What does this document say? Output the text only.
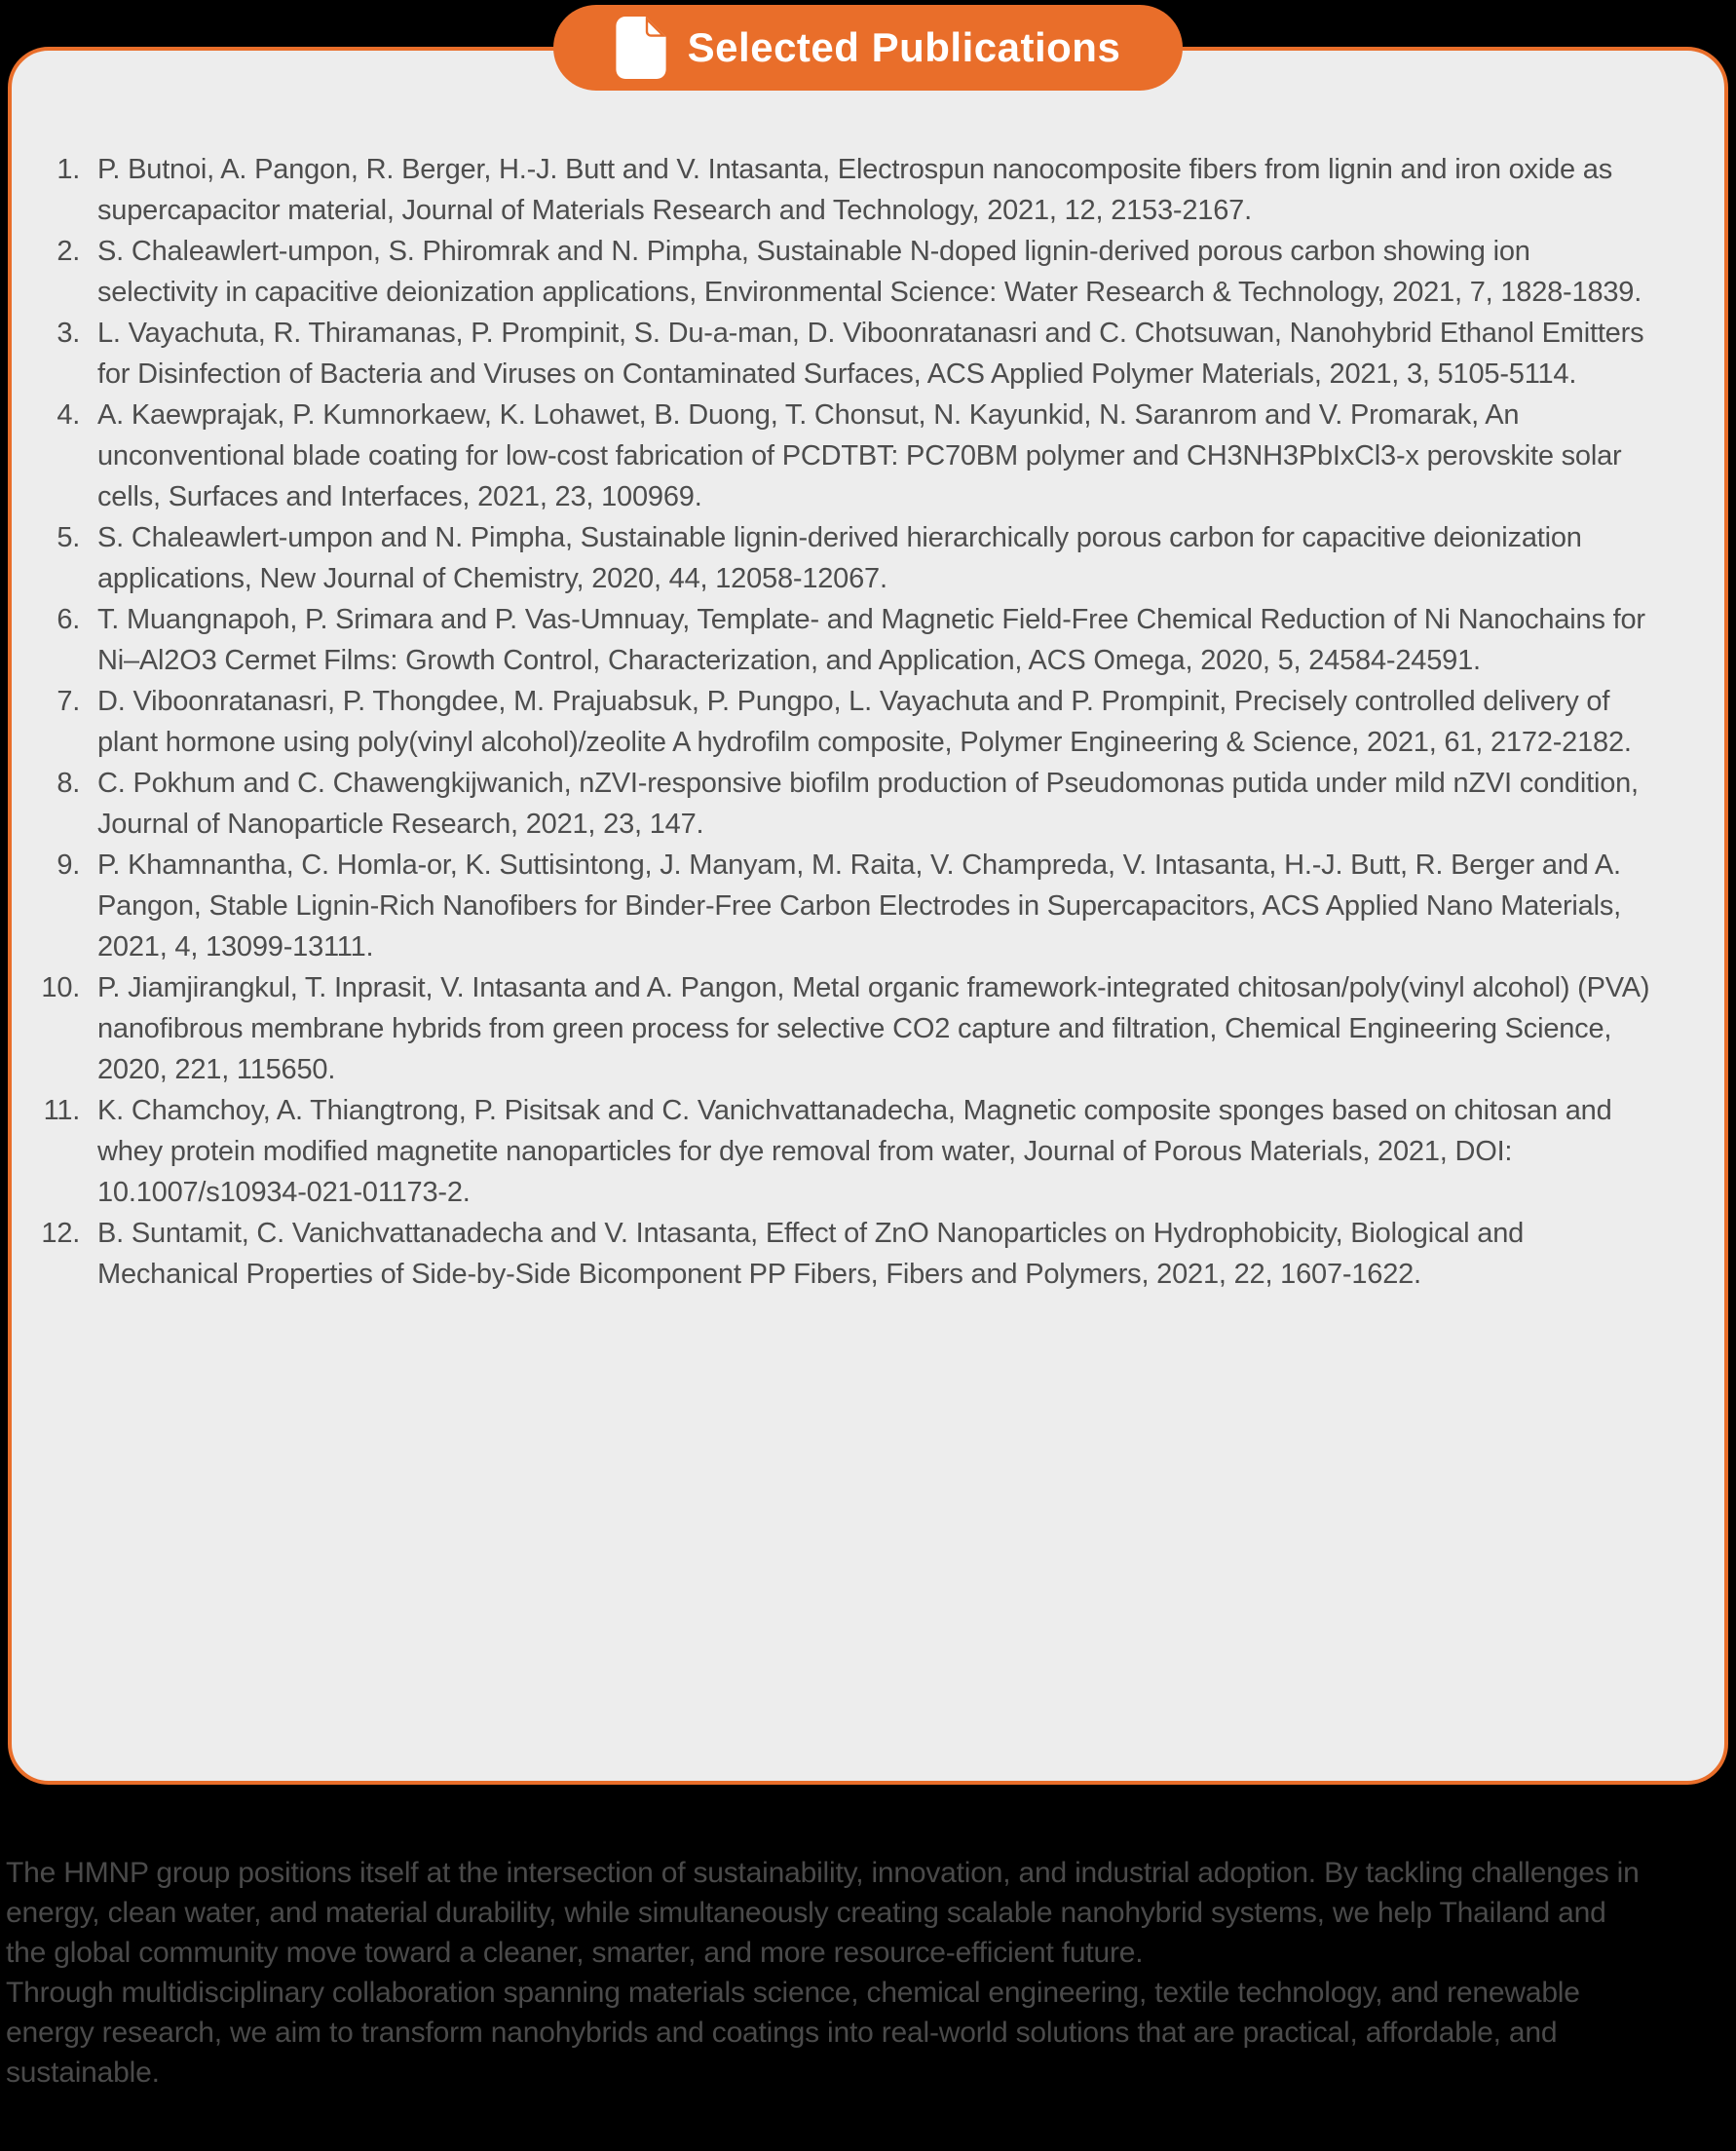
Selected Publications
1. P. Butnoi, A. Pangon, R. Berger, H.-J. Butt and V. Intasanta, Electrospun nanocomposite fibers from lignin and iron oxide as supercapacitor material, Journal of Materials Research and Technology, 2021, 12, 2153-2167.
2. S. Chaleawlert-umpon, S. Phiromrak and N. Pimpha, Sustainable N-doped lignin-derived porous carbon showing ion selectivity in capacitive deionization applications, Environmental Science: Water Research & Technology, 2021, 7, 1828-1839.
3. L. Vayachuta, R. Thiramanas, P. Prompinit, S. Du-a-man, D. Viboonratanasri and C. Chotsuwan, Nanohybrid Ethanol Emitters for Disinfection of Bacteria and Viruses on Contaminated Surfaces, ACS Applied Polymer Materials, 2021, 3, 5105-5114.
4. A. Kaewprajak, P. Kumnorkaew, K. Lohawet, B. Duong, T. Chonsut, N. Kayunkid, N. Saranrom and V. Promarak, An unconventional blade coating for low-cost fabrication of PCDTBT: PC70BM polymer and CH3NH3PbIxCl3-x perovskite solar cells, Surfaces and Interfaces, 2021, 23, 100969.
5. S. Chaleawlert-umpon and N. Pimpha, Sustainable lignin-derived hierarchically porous carbon for capacitive deionization applications, New Journal of Chemistry, 2020, 44, 12058-12067.
6. T. Muangnapoh, P. Srimara and P. Vas-Umnuay, Template- and Magnetic Field-Free Chemical Reduction of Ni Nanochains for Ni–Al2O3 Cermet Films: Growth Control, Characterization, and Application, ACS Omega, 2020, 5, 24584-24591.
7. D. Viboonratanasri, P. Thongdee, M. Prajuabsuk, P. Pungpo, L. Vayachuta and P. Prompinit, Precisely controlled delivery of plant hormone using poly(vinyl alcohol)/zeolite A hydrofilm composite, Polymer Engineering & Science, 2021, 61, 2172-2182.
8. C. Pokhum and C. Chawengkijwanich, nZVI-responsive biofilm production of Pseudomonas putida under mild nZVI condition, Journal of Nanoparticle Research, 2021, 23, 147.
9. P. Khamnantha, C. Homla-or, K. Suttisintong, J. Manyam, M. Raita, V. Champreda, V. Intasanta, H.-J. Butt, R. Berger and A. Pangon, Stable Lignin-Rich Nanofibers for Binder-Free Carbon Electrodes in Supercapacitors, ACS Applied Nano Materials, 2021, 4, 13099-13111.
10. P. Jiamjirangkul, T. Inprasit, V. Intasanta and A. Pangon, Metal organic framework-integrated chitosan/poly(vinyl alcohol) (PVA) nanofibrous membrane hybrids from green process for selective CO2 capture and filtration, Chemical Engineering Science, 2020, 221, 115650.
11. K. Chamchoy, A. Thiangtrong, P. Pisitsak and C. Vanichvattanadecha, Magnetic composite sponges based on chitosan and whey protein modified magnetite nanoparticles for dye removal from water, Journal of Porous Materials, 2021, DOI: 10.1007/s10934-021-01173-2.
12. B. Suntamit, C. Vanichvattanadecha and V. Intasanta, Effect of ZnO Nanoparticles on Hydrophobicity, Biological and Mechanical Properties of Side-by-Side Bicomponent PP Fibers, Fibers and Polymers, 2021, 22, 1607-1622.

The HMNP group positions itself at the intersection of sustainability, innovation, and industrial adoption. By tackling challenges in energy, clean water, and material durability, while simultaneously creating scalable nanohybrid systems, we help Thailand and the global community move toward a cleaner, smarter, and more resource-efficient future.

Through multidisciplinary collaboration spanning materials science, chemical engineering, textile technology, and renewable energy research, we aim to transform nanohybrids and coatings into real-world solutions that are practical, affordable, and sustainable.
